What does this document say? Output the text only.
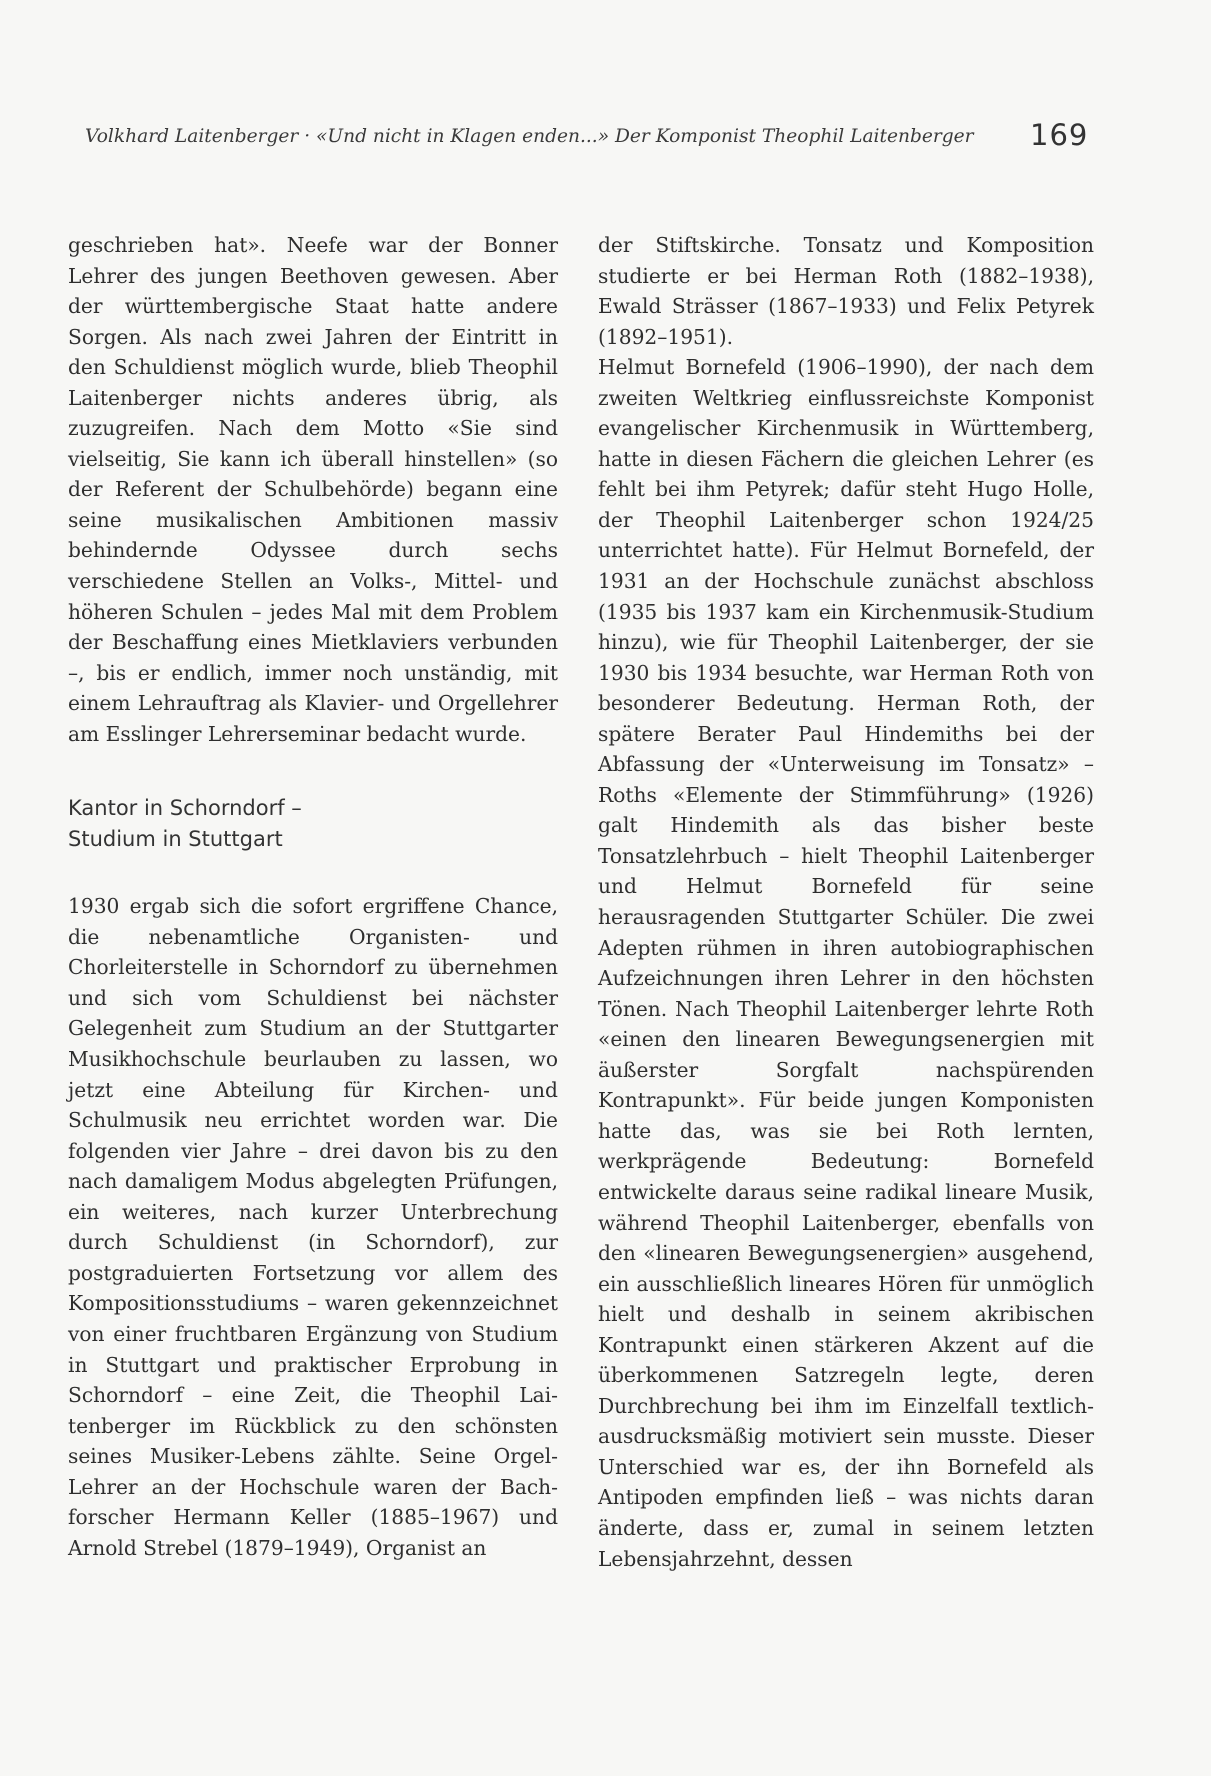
Volkhard Laitenberger · «Und nicht in Klagen enden...» Der Komponist Theophil Laitenberger	169

geschrieben hat». Neefe war der Bonner Lehrer des jungen Beethoven gewesen. Aber der württembergische Staat hatte andere Sorgen. Als nach zwei Jahren der Eintritt in den Schuldienst möglich wurde, blieb Theophil Laitenberger nichts anderes übrig, als zuzugreifen. Nach dem Motto «Sie sind vielseitig, Sie kann ich überall hinstellen» (so der Referent der Schulbehörde) begann eine seine musikalischen Ambitionen massiv behindernde Odyssee durch sechs verschiedene Stellen an Volks-, Mittel- und höheren Schulen – jedes Mal mit dem Problem der Beschaffung eines Mietklaviers verbunden –, bis er endlich, immer noch unständig, mit einem Lehrauftrag als Klavier- und Orgellehrer am Esslinger Lehrerseminar bedacht wurde.

Kantor in Schorndorf –
Studium in Stuttgart

1930 ergab sich die sofort ergriffene Chance, die nebenamtliche Organisten- und Chorleiterstelle in Schorndorf zu übernehmen und sich vom Schuldienst bei nächster Gelegenheit zum Studium an der Stuttgarter Musikhochschule beurlauben zu lassen, wo jetzt eine Abteilung für Kirchen- und Schulmusik neu errichtet worden war. Die folgenden vier Jahre – drei davon bis zu den nach damaligem Modus abgelegten Prüfungen, ein weiteres, nach kurzer Unterbrechung durch Schuldienst (in Schorndorf), zur postgraduierten Fortsetzung vor allem des Kompositionsstudiums – waren gekennzeichnet von einer fruchtbaren Ergänzung von Studium in Stuttgart und praktischer Erprobung in Schorndorf – eine Zeit, die Theophil Laitenberger im Rückblick zu den schönsten seines Musiker-Lebens zählte. Seine Orgel-Lehrer an der Hochschule waren der Bachforscher Hermann Keller (1885–1967) und Arnold Strebel (1879–1949), Organist an

der Stiftskirche. Tonsatz und Komposition studierte er bei Herman Roth (1882–1938), Ewald Strässer (1867–1933) und Felix Petyrek (1892–1951).

Helmut Bornefeld (1906–1990), der nach dem zweiten Weltkrieg einflussreichste Komponist evangelischer Kirchenmusik in Württemberg, hatte in diesen Fächern die gleichen Lehrer (es fehlt bei ihm Petyrek; dafür steht Hugo Holle, der Theophil Laitenberger schon 1924/25 unterrichtet hatte). Für Helmut Bornefeld, der 1931 an der Hochschule zunächst abschloss (1935 bis 1937 kam ein Kirchenmusik-Studium hinzu), wie für Theophil Laitenberger, der sie 1930 bis 1934 besuchte, war Herman Roth von besonderer Bedeutung. Herman Roth, der spätere Berater Paul Hindemiths bei der Abfassung der «Unterweisung im Tonsatz» – Roths «Elemente der Stimmführung» (1926) galt Hindemith als das bisher beste Tonsatzlehrbuch – hielt Theophil Laitenberger und Helmut Bornefeld für seine herausragenden Stuttgarter Schüler. Die zwei Adepten rühmen in ihren autobiographischen Aufzeichnungen ihren Lehrer in den höchsten Tönen. Nach Theophil Laitenberger lehrte Roth «einen den linearen Bewegungsenergien mit äußerster Sorgfalt nachspürenden Kontrapunkt». Für beide jungen Komponisten hatte das, was sie bei Roth lernten, werkprägende Bedeutung: Bornefeld entwickelte daraus seine radikal lineare Musik, während Theophil Laitenberger, ebenfalls von den «linearen Bewegungsenergien» ausgehend, ein ausschließlich lineares Hören für unmöglich hielt und deshalb in seinem akribischen Kontrapunkt einen stärkeren Akzent auf die überkommenen Satzregeln legte, deren Durchbrechung bei ihm im Einzelfall textlich-ausdrucksmäßig motiviert sein musste. Dieser Unterschied war es, der ihn Bornefeld als Antipoden empfinden ließ – was nichts daran änderte, dass er, zumal in seinem letzten Lebensjahrzehnt, dessen
